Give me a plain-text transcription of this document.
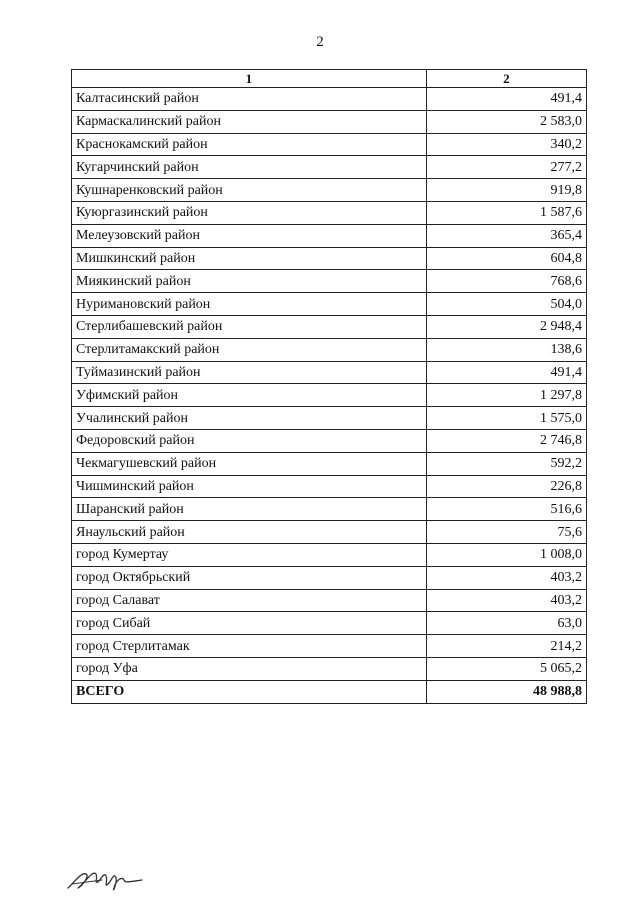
2
1	2
Калтасинский район	491,4
Кармаскалинский район	2 583,0
Краснокамский район	340,2
Кугарчинский район	277,2
Кушнаренковский район	919,8
Куюргазинский район	1 587,6
Мелеузовский район	365,4
Мишкинский район	604,8
Миякинский район	768,6
Нуримановский район	504,0
Стерлибашевский район	2 948,4
Стерлитамакский район	138,6
Туймазинский район	491,4
Уфимский район	1 297,8
Учалинский район	1 575,0
Федоровский район	2 746,8
Чекмагушевский район	592,2
Чишминский район	226,8
Шаранский район	516,6
Янаульский район	75,6
город Кумертау	1 008,0
город Октябрьский	403,2
город Салават	403,2
город Сибай	63,0
город Стерлитамак	214,2
город Уфа	5 065,2
ВСЕГО	48 988,8
